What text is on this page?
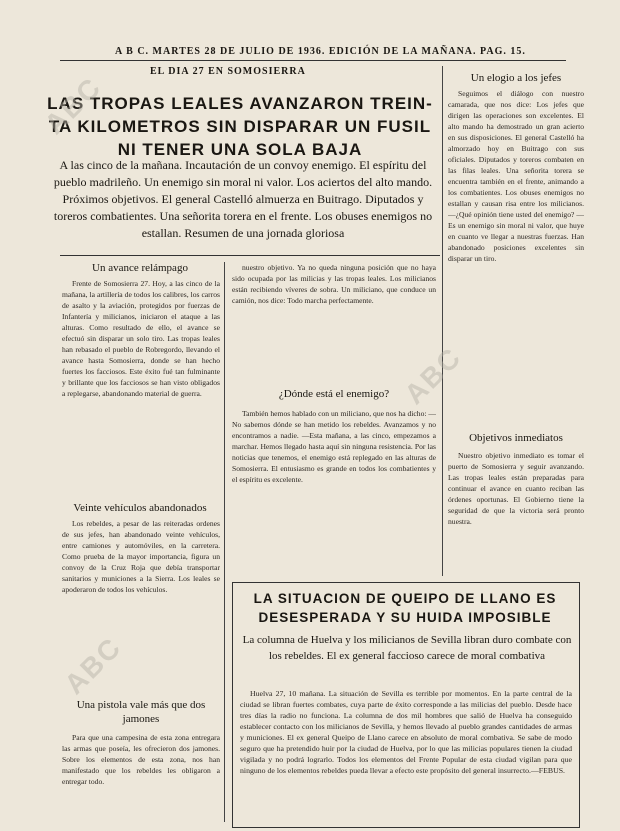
A B C. MARTES 28 DE JULIO DE 1936. EDICIÓN DE LA MAÑANA. PAG. 15.
EL DIA 27 EN SOMOSIERRA
LAS TROPAS LEALES AVANZARON TREIN-
TA KILOMETROS SIN DISPARAR UN FUSIL
NI TENER UNA SOLA BAJA
A las cinco de la mañana. Incautación de un convoy enemigo. El espíritu del pueblo madrileño. Un enemigo sin moral ni valor. Los aciertos del alto mando. Próximos objetivos. El general Castelló almuerza en Buitrago. Diputados y toreros combatientes. Una señorita torera en el frente. Los obuses enemigos no estallan. Resumen de una jornada gloriosa
Un avance relámpago

Frente de Somosierra 27. Hoy, a las cinco de la mañana, la artillería de todos los calibres, los carros de asalto y la aviación, protegidos por fuerzas de Infantería y milicianos, iniciaron el ataque a las alturas. Como resultado de ello, el avance se efectuó sin disparar un solo tiro. Las tropas leales han rebasado el pueblo de Robregordo, llevando el avance hasta Somosierra, donde se han hecho fuertes los facciosos. Este éxito fué tan fulminante y brillante que los facciosos se han visto obligados a replegarse, abandonando material de guerra.

Veinte vehículos abandonados

Los rebeldes, a pesar de las reiteradas ordenes de sus jefes, han abandonado veinte vehículos, entre camiones y automóviles, en la carretera. Como prueba de la mayor importancia, figura un convoy de la Cruz Roja que debía transportar sanitarios y municiones a la Sierra. Los leales se apoderaron de todos los vehículos.

Una pistola vale más que dos jamones

Para que una campesina de esta zona entregara las armas que poseía, les ofrecieron dos jamones. Sobre los elementos de esta zona, nos han manifestado que los rebeldes les obligaron a entregar todo.

nuestro objetivo. Ya no queda ninguna posición que no haya sido ocupada por las milicias y las tropas leales. Los milicianos están recibiendo víveres de sobra. Un miliciano, que conduce un camión, nos dice: Todo marcha perfectamente.

¿Dónde está el enemigo?

También hemos hablado con un miliciano, que nos ha dicho: —No sabemos dónde se han metido los rebeldes. Avanzamos y no encontramos a nadie. —Esta mañana, a las cinco, empezamos a marchar. Hemos llegado hasta aquí sin ninguna resistencia. Por las noticias que tenemos, el enemigo está replegado en las alturas de Somosierra. El entusiasmo es grande en todos los combatientes y el espíritu es excelente.

Un elogio a los jefes

Seguimos el diálogo con nuestro camarada, que nos dice: Los jefes que dirigen las operaciones son excelentes. El alto mando ha demostrado un gran acierto en sus disposiciones. El general Castelló ha almorzado hoy en Buitrago con sus oficiales. Diputados y toreros combaten en las filas leales. Una señorita torera se encuentra también en el frente, animando a los combatientes. Los obuses enemigos no estallan y causan risa entre los milicianos. —¿Qué opinión tiene usted del enemigo? —Es un enemigo sin moral ni valor, que huye en cuanto ve llegar a nuestras fuerzas. Han abandonado posiciones excelentes sin disparar un tiro.

Objetivos inmediatos

Nuestro objetivo inmediato es tomar el puerto de Somosierra y seguir avanzando. Las tropas leales están preparadas para continuar el avance en cuanto reciban las órdenes oportunas. El Gobierno tiene la seguridad de que la victoria será pronto nuestra.

LA SITUACION DE QUEIPO DE LLANO ES
DESESPERADA Y SU HUIDA IMPOSIBLE
La columna de Huelva y los milicianos de Sevilla libran duro combate con los rebeldes. El ex general faccioso carece de moral combativa

Huelva 27, 10 mañana. La situación de Sevilla es terrible por momentos. En la parte central de la ciudad se libran fuertes combates, cuya parte de éxito corresponde a las milicias del pueblo. Desde hace tres días la radio no funciona. La columna de dos mil hombres que salió de Huelva ha conseguido establecer contacto con los milicianos de Sevilla, y hemos llevado al pueblo grandes cantidades de armas y municiones. El ex general Queipo de Llano carece en absoluto de moral combativa. Se sabe de modo seguro que ha pretendido huir por la ciudad de Huelva, por lo que las milicias populares tienen la ciudad vigilada y no podrá lograrlo. Todos los elementos del Frente Popular de esta ciudad vigilan para que ninguno de los elementos rebeldes pueda llevar a efecto este propósito del general insurrecto.—FEBUS.

ABC
ABC
ABC
